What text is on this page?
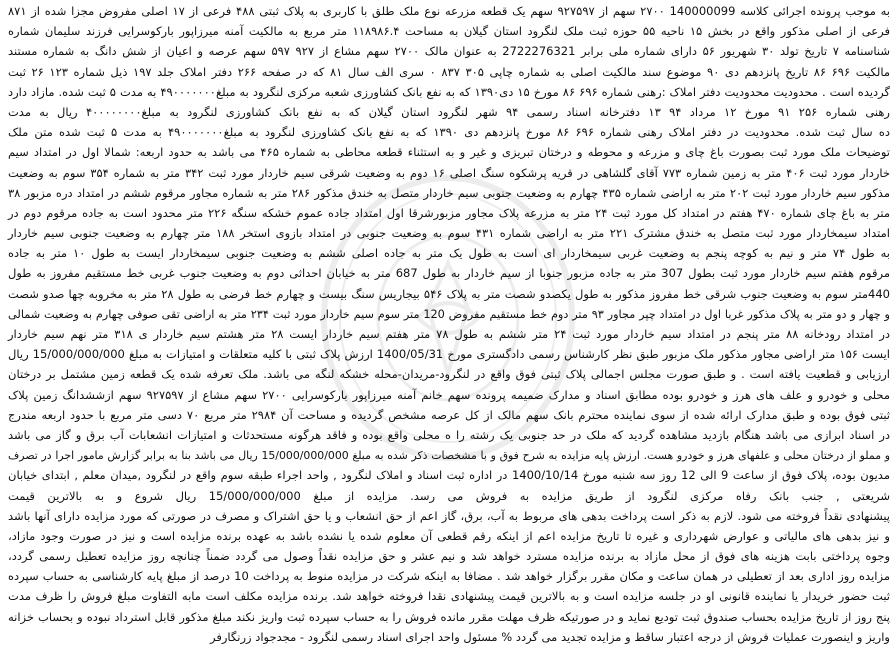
به موجب پرونده اجرائی کلاسه 140000099 ۲۷۰۰ سهم از ۹۲۷۵۹۷ سهم یک قطعه مزرعه نوع ملک طلق با کاربری به پلاک ثبتی ۴۸۸ فرعی از ۱۷ اصلی مفروض مجزا شده از ۸۷۱
فرعی از اصلی مذکور واقع در بخش ۱۵ ناحیه ۵۵ حوزه ثبت ملک لنگرود استان گیلان به مساحت ۱۱۸۹۸۶.۴ متر مربع به مالکیت آمنه میرزاپور بارکوسرایی فرزند سلیمان شماره
شناسنامه ۷ تاریخ تولد ۳۰ شهریور ۵۶ دارای شماره ملی برابر 2722276321 به عنوان مالک ۲۷۰۰ سهم مشاع از ۹۲۷ ۵۹۷ سهم عرصه و اعیان از شش دانگ به شماره مستند
مالکیت ۶۹۶ ۸۶ تاریخ پانزدهم دی ۹۰ موضوع سند مالکیت اصلی به شماره چاپی ۳۰۵ ۸۳۷ ۰ سری الف سال ۸۱ که در صفحه ۲۶۶ دفتر املاک جلد ۱۹۷ ذیل شماره ۱۲۳ ۲۶ ثبت
گردیده است . محدودیت محدودیت دفتر املاک :رهنی شماره ۶۹۶ ۸۶ مورخ ۱۵ دی۱۳۹۰ که به نفع بانک کشاورزی شعبه مرکزی لنگرود به مبلغ۴۹۰۰۰۰۰۰۰ به مدت ۵ ثبت شده. مازاد دارد
رهنی شماره ۲۵۶ ۹۱ مورخ ۱۲ مرداد ۹۴ ۱۳ دفترخانه اسناد رسمی ۹۴ شهر لنگرود استان گیلان که به نفع بانک کشاورزی لنگرود به مبلغ۴۰۰۰۰۰۰۰۰ ریال به مدت
ده سال ثبت شده. محدودیت در دفتر املاک رهنی شماره ۶۹۶ ۸۶ مورخ پانزدهم دی ۱۳۹۰ که به نفع بانک کشاورزی لنگرود به مبلغ۴۹۰۰۰۰۰۰۰ به مدت ۵ ثبت شده متن ملک
توضیحات ملک مورد ثبت بصورت باغ چای و مزرعه و محوطه و درختان تبریزی و غیر و به استثناء قطعه محاطی به شماره ۴۶۵ می باشد به حدود اربعه: شمالا اول در امتداد سیم
خاردار مورد ثبت ۴۰۶ متر به زمین شماره ۷۷۳ آقای گلشاهی در قریه پرشکوه سنگ اصلی ۱۶ دوم به وضعیت شرقی سیم خاردار مورد ثبت ۳۴۲ متر به شماره ۳۵۴ سوم به وضعیت
مذکور سیم خاردار مورد ثبت ۲۰۲ متر به اراضی شماره ۴۳۵ چهارم به وضعیت جنوبی سیم خاردار متصل به خندق مذکور ۲۸۶ متر به شماره مجاور مرقوم ششم در امتداد دره مزبور ۳۸
متر به باغ چای شماره ۴۷۰ هفتم در امتداد کل مورد ثبت ۲۴ متر به مزرعه پلاک مجاور مزبورشرقا اول امتداد جاده عموم خشکه سنگه ۲۲۶ متر محدود است به جاده مرقوم دوم در
امتداد سیمخاردار مورد ثبت متصل به خندق مشترک ۲۲۱ متر به اراضی شماره ۴۳۱ سوم به وضعیت جنوبی در امتداد بازوی استخر ۱۸۸ متر چهارم به وضعیت جنوبی سیم خاردار
به طول ۷۴ متر و نیم به کوچه پنجم به وضعیت غربی سیمخاردار ای است به طول یک متر به جاده اصلی ششم به وضعیت جنوبی سیمخاردار ایست به طول ۱۰ متر به جاده
مرقوم هفتم سیم خاردار مورد ثبت بطول 307 متر به جاده مزبور جنوبا از سیم خاردار به طول 687 متر به خیابان احداثی دوم به وضعیت جنوب غربی خط مستقیم مفروز به طول
440متر سوم به وضعیت جنوب شرقی خط مفروز مذکور به طول یکصدو شصت متر به پلاک ۵۴۶ بیجاریس سنگ بیست و چهارم خط فرضی به طول ۲۸ متر به مخروبه چها صدو شصت
و چهار و دو متر به پلاک مذکور غربا اول در امتداد چپر مجاور ۹۳ متر دوم خط مستقیم مفروض 120 متر سوم سیم خاردار مورد ثبت ۲۳۴ متر به اراضی تقی صوفی چهارم به وضعیت شمالی
در امتداد رودخانه ۸۸ متر پنجم در امتداد سیم خاردار مورد ثبت ۲۴ متر ششم به طول ۷۸ متر هفتم سیم خاردار ایست ۲۸ متر هشتم سیم خاردار ی ۳۱۸ متر نهم سیم خاردار
ایست ۱۵۶ متر اراضی مجاور مذکور ملک مزبور طبق نظر کارشناس رسمی دادگستری مورخ 1400/05/31 ارزش پلاک ثبتی با کلیه متعلقات و امتیازات به مبلغ 15/000/000/000 ریال
ارزیابی و قطعیت یافته است . و طبق صورت مجلس اجمالی پلاک ثبتی فوق واقع در لنگرود-مریدان-محله خشکه لنگه می باشد. ملک تعرفه شده یک قطعه زمین مشتمل بر درختان
محلی و خودرو و علف های هرز و خودرو بوده مطابق اسناد و مدارک ضمیمه پرونده سهم خانم آمنه میرزاپور بارکوسرایی ۲۷۰۰ سهم مشاع از ۹۲۷۵۹۷ سهم ازششدانگ زمین پلاک
ثبتی فوق بوده و طبق مدارک ارائه شده از سوی نماینده محترم بانک سهم مالک از کل عرصه مشخص گردیده و مساحت آن ۲۹۸۴ متر مربع ۷۰ دسی متر مربع با حدود اربعه مندرج
در اسناد ابرازی می باشد هنگام بازدید مشاهده گردید که ملک در حد جنوبی یک رشته را ه محلی واقع بوده و فاقد هرگونه مستحدثات و امتیازات انشعابات آب برق و گاز می باشد
و مملو از درختان محلی و علفهای هرز و خودرو هست. ارزش پایه مزایده به شرح فوق و با مشخصات ذکر شده به مبلغ 15/000/000/000 ریال می باشد بنا به برابر گزارش مامور اجرا در تصرف
مدیون بوده، پلاک فوق از ساعت 9 الی 12 روز سه شنبه مورخ 1400/10/14 در اداره ثبت اسناد و املاک لنگرود , واحد اجراء طبقه سوم واقع در لنگرود ,میدان معلم , ابتدای خیابان
شریعتی , جنب بانک رفاه مرکزی لنگرود از طریق مزایده به فروش می رسد. مزایده از مبلغ 15/000/000/000 ریال شروع و به بالاترین قیمت
پیشنهادی نقداً فروخته می شود. لازم به ذکر است پرداخت بدهی های مربوط به آب، برق، گاز اعم از حق انشعاب و یا حق اشتراک و مصرف در صورتی که مورد مزایده دارای آنها باشد
و نیز بدهی های مالیاتی و عوارض شهرداری و غیره تا تاریخ مزایده اعم از اینکه رقم قطعی آن معلوم شده یا نشده باشد به عهده برنده مزایده است و نیز در صورت وجود مازاد،
وجوه پرداختی بابت هزینه های فوق از محل مازاد به برنده مزایده مسترد خواهد شد و نیم عشر و حق مزایده نقداً وصول می گردد ضمناً چنانچه روز مزایده تعطیل رسمی گردد،
مزایده روز اداری بعد از تعطیلی در همان ساعت و مکان مقرر برگزار خواهد شد . مضافا به اینکه شرکت در مزایده منوط به پرداخت 10 درصد از مبلغ پایه کارشناسی به حساب سپرده
ثبت حضور خریدار یا نماینده قانونی او در جلسه مزایده است و به بالاترین قیمت پیشنهادی نقدا فروخته خواهد شد. برنده مزایده مکلف است مابه التفاوت مبلغ فروش را ظرف مدت
پنج روز از تاریخ مزایده بحساب صندوق ثبت تودیع نماید و در صورتیکه ظرف مهلت مقرر مانده فروش را به حساب سپرده ثبت واریز نکند مبلغ مذکور قابل استرداد نبوده و بحساب خزانه
واریز و اینصورت عملیات فروش از درجه اعتبار ساقط و مزایده تجدید می گردد % مسئول واحد اجرای اسناد رسمی لنگرود - مجدجواد زرنگارفر
